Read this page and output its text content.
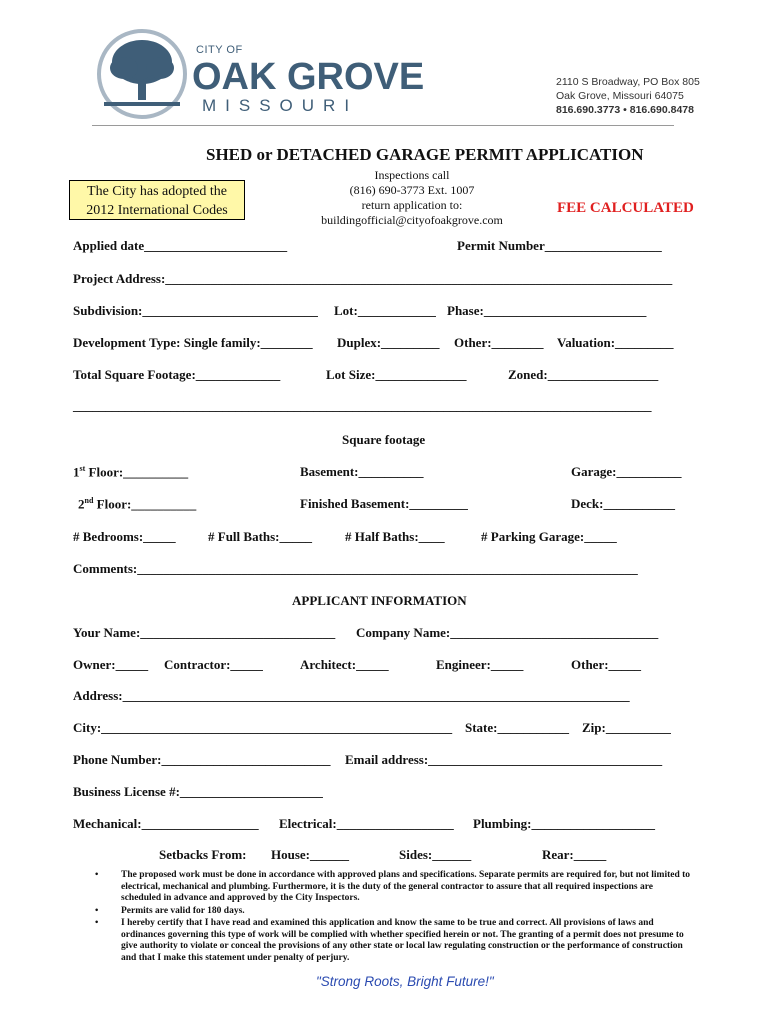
CITY OF
OAK GROVE
MISSOURI
2110 S Broadway, PO Box 805
Oak Grove, Missouri 64075
816.690.3773 • 816.690.8478
SHED or DETACHED GARAGE PERMIT APPLICATION
The City has adopted the
2012 International Codes
Inspections call
(816) 690-3773 Ext. 1007
return application to:
buildingofficial@cityofoakgrove.com
FEE CALCULATED
Applied date______________________	Permit Number__________________
Project Address:______________________________________________________________________________
Subdivision:___________________________ Lot:____________ Phase:_________________________
Development Type: Single family:________ Duplex:_________ Other:________ Valuation:_________
Total Square Footage:_____________	Lot Size:______________	Zoned:_________________
_________________________________________________________________________________________
Square footage
1st Floor:__________	Basement:__________	Garage:__________
2nd Floor:__________	Finished Basement:_________	Deck:___________
# Bedrooms:_____ # Full Baths:_____	# Half Baths:____	# Parking Garage:_____
Comments:_____________________________________________________________________________
APPLICANT INFORMATION
Your Name:______________________________ Company Name:________________________________
Owner:_____ Contractor:_____	Architect:_____	Engineer:_____	Other:_____
Address:______________________________________________________________________________
City:______________________________________________________ State:___________ Zip:__________
Phone Number:__________________________ Email address:____________________________________
Business License #:______________________
Mechanical:__________________ Electrical:__________________ Plumbing:___________________
Setbacks From: House:______	Sides:______	Rear:_____
• The proposed work must be done in accordance with approved plans and specifications. Separate permits are required for, but not limited to electrical, mechanical and plumbing. Furthermore, it is the duty of the general contractor to assure that all required inspections are scheduled in advance and approved by the City Inspectors.
• Permits are valid for 180 days.
• I hereby certify that I have read and examined this application and know the same to be true and correct. All provisions of laws and ordinances governing this type of work will be complied with whether specified herein or not. The granting of a permit does not presume to give authority to violate or conceal the provisions of any other state or local law regulating construction or the performance of construction and that I make this statement under penalty of perjury.
"Strong Roots, Bright Future!"
